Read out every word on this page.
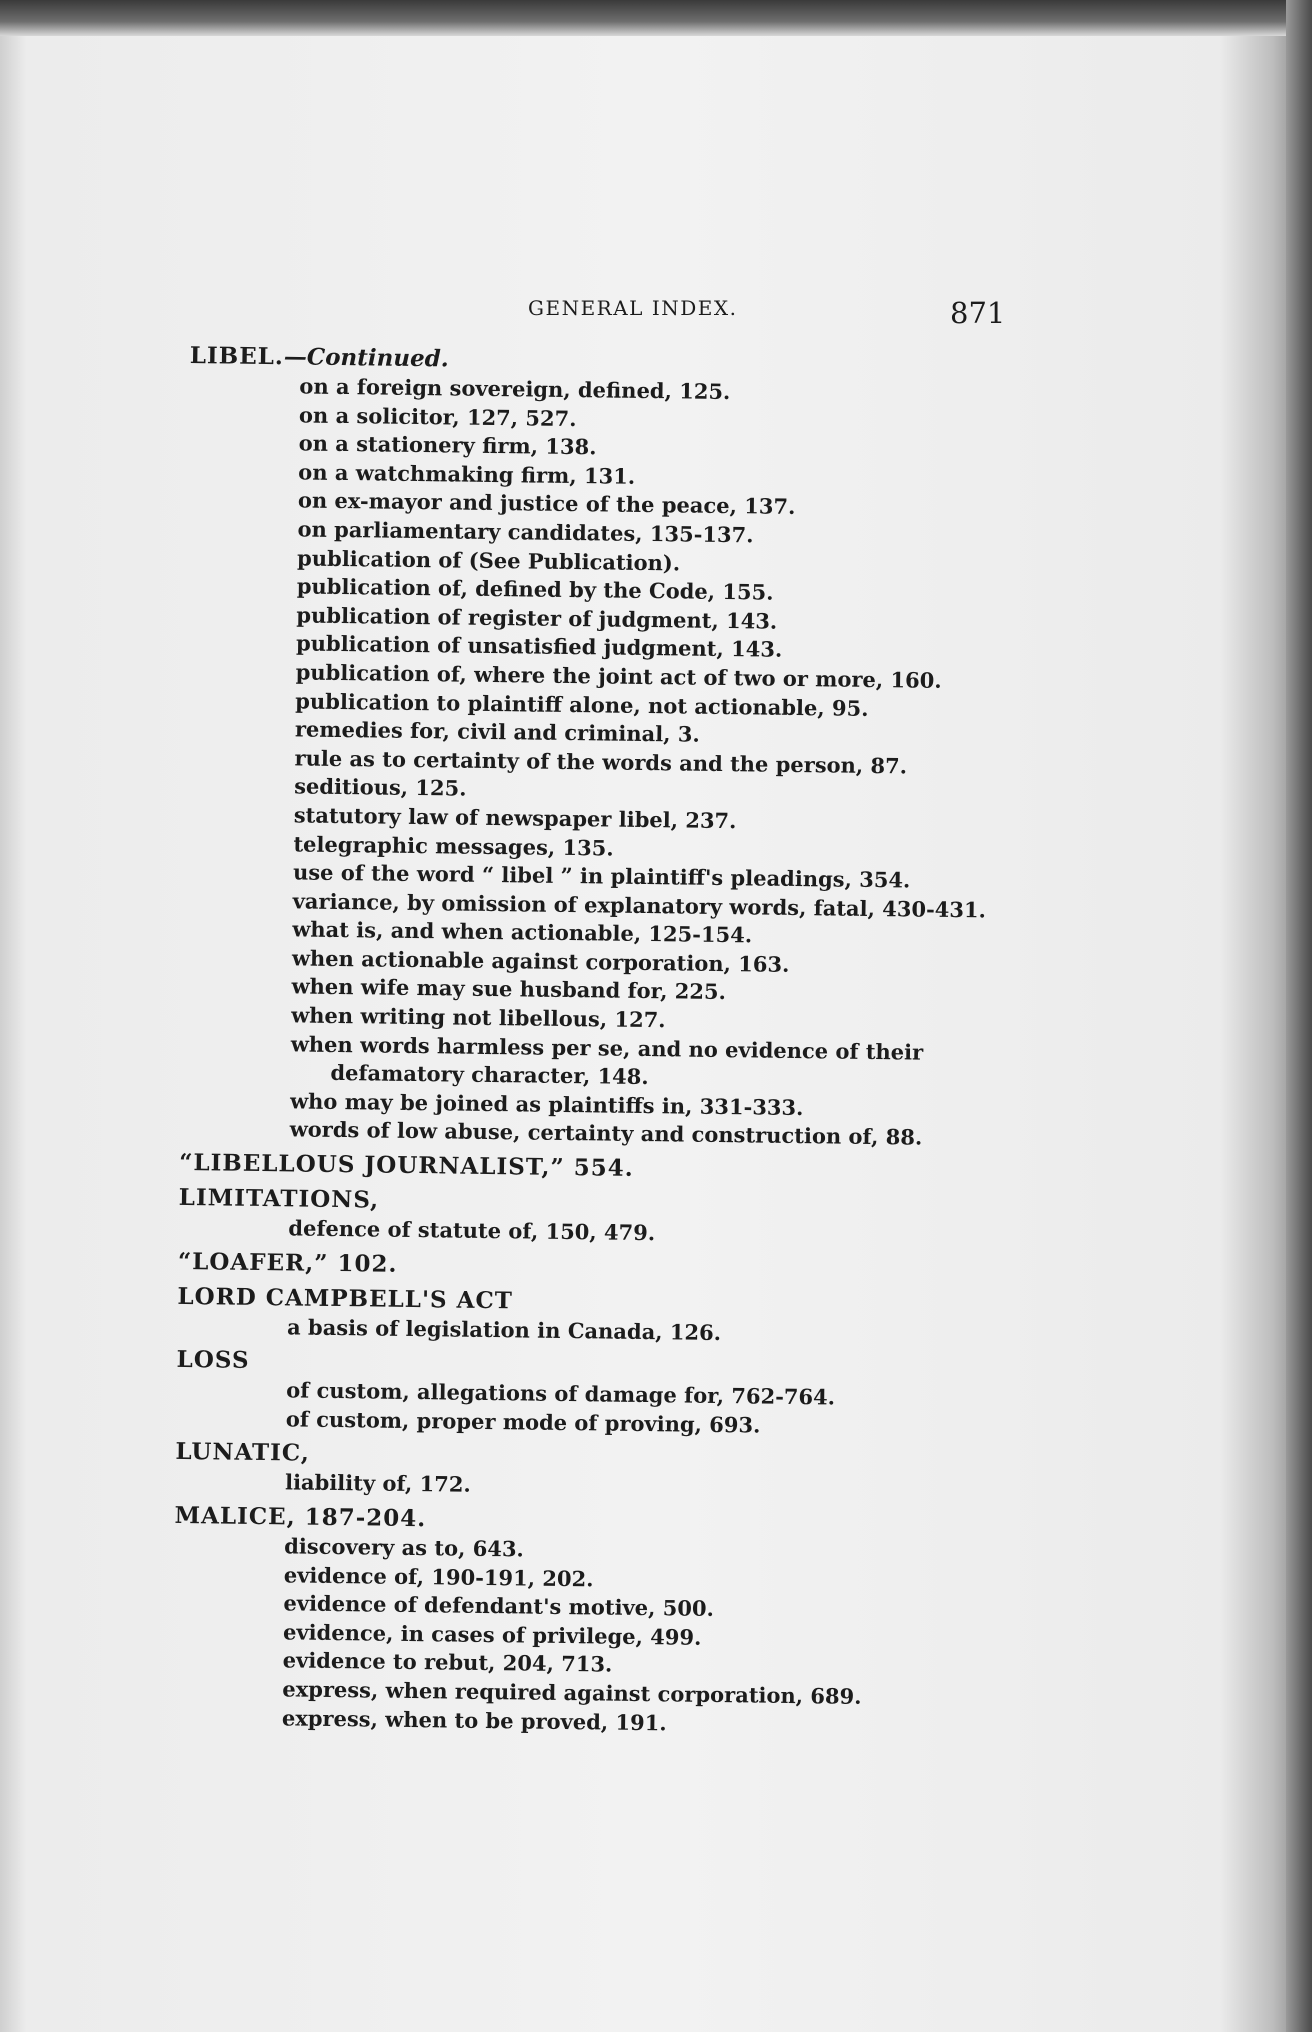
GENERAL INDEX.	871
LIBEL.—Continued.
on a foreign sovereign, defined, 125.
on a solicitor, 127, 527.
on a stationery firm, 138.
on a watchmaking firm, 131.
on ex-mayor and justice of the peace, 137.
on parliamentary candidates, 135-137.
publication of (See Publication).
publication of, defined by the Code, 155.
publication of register of judgment, 143.
publication of unsatisfied judgment, 143.
publication of, where the joint act of two or more, 160.
publication to plaintiff alone, not actionable, 95.
remedies for, civil and criminal, 3.
rule as to certainty of the words and the person, 87.
seditious, 125.
statutory law of newspaper libel, 237.
telegraphic messages, 135.
use of the word “ libel ” in plaintiff's pleadings, 354.
variance, by omission of explanatory words, fatal, 430-431.
what is, and when actionable, 125-154.
when actionable against corporation, 163.
when wife may sue husband for, 225.
when writing not libellous, 127.
when words harmless per se, and no evidence of their defamatory character, 148.
who may be joined as plaintiffs in, 331-333.
words of low abuse, certainty and construction of, 88.
“LIBELLOUS JOURNALIST,” 554.
LIMITATIONS,
defence of statute of, 150, 479.
“LOAFER,” 102.
LORD CAMPBELL'S ACT
a basis of legislation in Canada, 126.
LOSS
of custom, allegations of damage for, 762-764.
of custom, proper mode of proving, 693.
LUNATIC,
liability of, 172.
MALICE, 187-204.
discovery as to, 643.
evidence of, 190-191, 202.
evidence of defendant's motive, 500.
evidence, in cases of privilege, 499.
evidence to rebut, 204, 713.
express, when required against corporation, 689.
express, when to be proved, 191.
